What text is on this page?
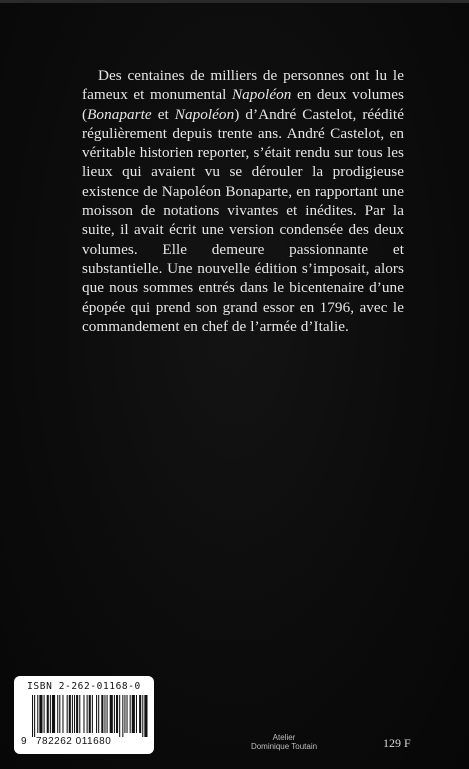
Des centaines de milliers de personnes ont lu le fameux et monumental Napoléon en deux volumes (Bonaparte et Napoléon) d’André Castelot, réédité régulièrement depuis trente ans. André Castelot, en véritable historien reporter, s’était rendu sur tous les lieux qui avaient vu se dérouler la prodigieuse existence de Napoléon Bonaparte, en rapportant une moisson de notations vivantes et inédites. Par la suite, il avait écrit une version condensée des deux volumes. Elle demeure passionnante et substantielle. Une nouvelle édition s’imposait, alors que nous sommes entrés dans le bicentenaire d’une épopée qui prend son grand essor en 1796, avec le commandement en chef de l’armée d’Italie.

ISBN 2-262-01168-0
9 782262 011680	Atelier
Dominique Toutain	129 F
